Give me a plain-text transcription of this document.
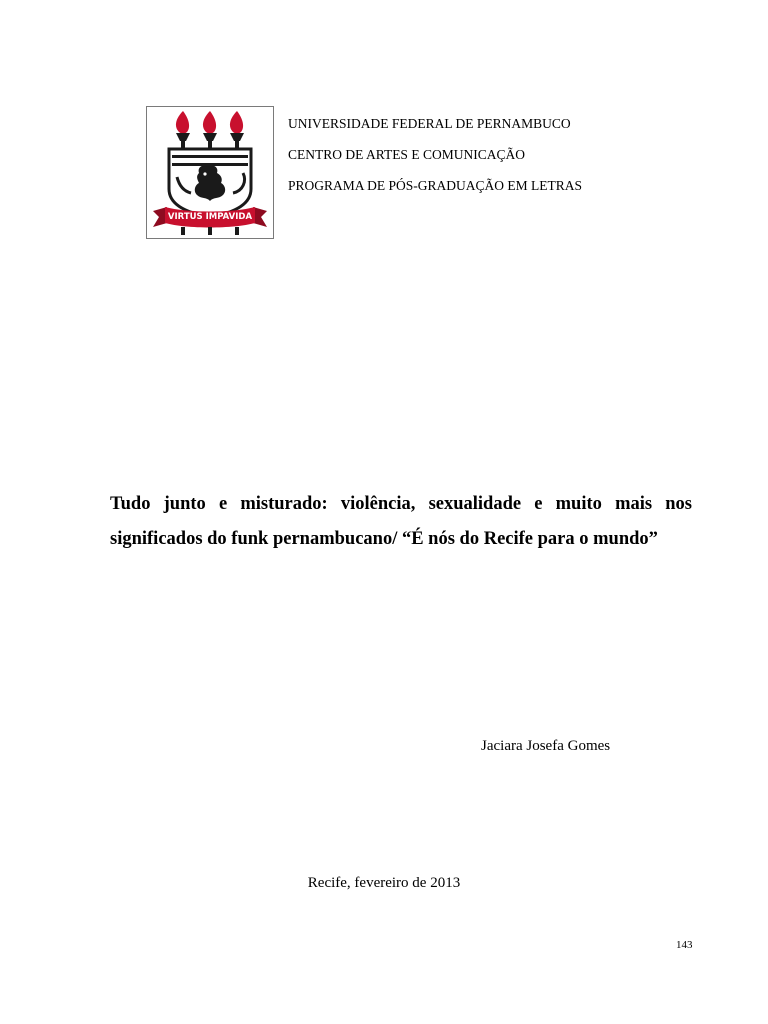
VIRTUS IMPAVIDA
UNIVERSIDADE FEDERAL DE PERNAMBUCO
CENTRO DE ARTES E COMUNICAÇÃO
PROGRAMA DE PÓS-GRADUAÇÃO EM LETRAS
Tudo junto e misturado: violência, sexualidade e muito mais nos significados do funk pernambucano/ “É nós do Recife para o mundo”
Jaciara Josefa Gomes
Recife, fevereiro de 2013
143
